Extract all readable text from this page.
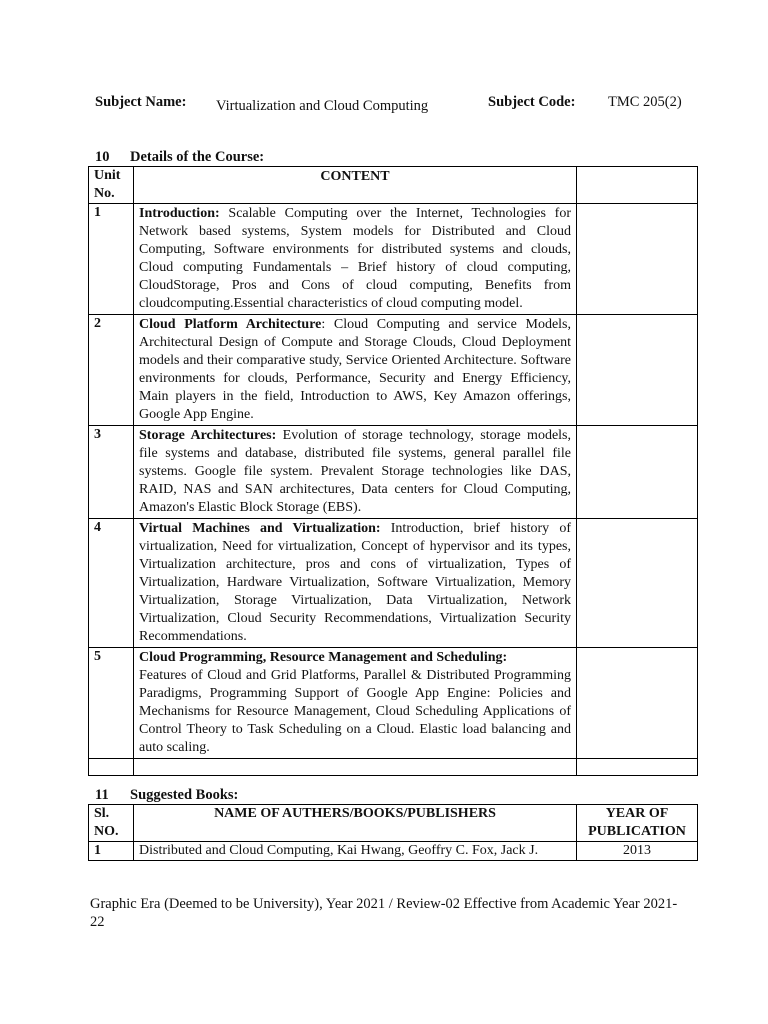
Subject Name: Virtualization and Cloud Computing	Subject Code: TMC 205(2)
10 Details of the Course:
Unit No.	CONTENT	
1	Introduction: Scalable Computing over the Internet, Technologies for Network based systems, System models for Distributed and Cloud Computing, Software environments for distributed systems and clouds, Cloud computing Fundamentals – Brief history of cloud computing, CloudStorage, Pros and Cons of cloud computing, Benefits from cloudcomputing.Essential characteristics of cloud computing model.	
2	Cloud Platform Architecture: Cloud Computing and service Models, Architectural Design of Compute and Storage Clouds, Cloud Deployment models and their comparative study, Service Oriented Architecture. Software environments for clouds, Performance, Security and Energy Efficiency, Main players in the field, Introduction to AWS, Key Amazon offerings, Google App Engine.	
3	Storage Architectures: Evolution of storage technology, storage models, file systems and database, distributed file systems, general parallel file systems. Google file system. Prevalent Storage technologies like DAS, RAID, NAS and SAN architectures, Data centers for Cloud Computing, Amazon's Elastic Block Storage (EBS).	
4	Virtual Machines and Virtualization: Introduction, brief history of virtualization, Need for virtualization, Concept of hypervisor and its types, Virtualization architecture, pros and cons of virtualization, Types of Virtualization, Hardware Virtualization, Software Virtualization, Memory Virtualization, Storage Virtualization, Data Virtualization, Network Virtualization, Cloud Security Recommendations, Virtualization Security Recommendations.	
5	Cloud Programming, Resource Management and Scheduling:
Features of Cloud and Grid Platforms, Parallel & Distributed Programming Paradigms, Programming Support of Google App Engine: Policies and Mechanisms for Resource Management, Cloud Scheduling Applications of Control Theory to Task Scheduling on a Cloud. Elastic load balancing and auto scaling.	

11 Suggested Books:
Sl. NO.	NAME OF AUTHERS/BOOKS/PUBLISHERS	YEAR OF PUBLICATION
1	Distributed and Cloud Computing, Kai Hwang, Geoffry C. Fox, Jack J.	2013
Graphic Era (Deemed to be University), Year 2021 / Review-02 Effective from Academic Year 2021-22
